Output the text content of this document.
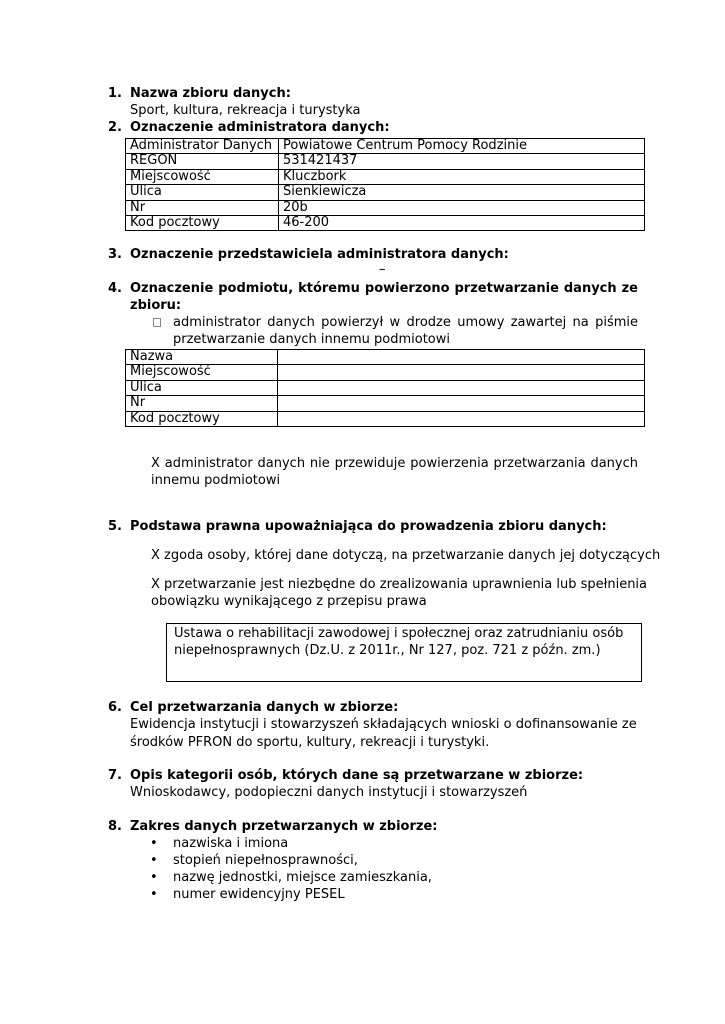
1. Nazwa zbioru danych:
Sport, kultura, rekreacja i turystyka
2. Oznaczenie administratora danych:
Administrator Danych	Powiatowe Centrum Pomocy Rodzinie
REGON	531421437
Miejscowość	Kluczbork
Ulica	Sienkiewicza
Nr	20b
Kod pocztowy	46-200
3. Oznaczenie przedstawiciela administratora danych:
–
4. Oznaczenie podmiotu, któremu powierzono przetwarzanie danych ze
zbioru:
administrator danych powierzył w drodze umowy zawartej na piśmie
przetwarzanie danych innemu podmiotowi
Nazwa	
Miejscowość	
Ulica	
Nr	
Kod pocztowy	
X administrator danych nie przewiduje powierzenia przetwarzania danych
innemu podmiotowi
5. Podstawa prawna upoważniająca do prowadzenia zbioru danych:
X zgoda osoby, której dane dotyczą, na przetwarzanie danych jej dotyczących
X przetwarzanie jest niezbędne do zrealizowania uprawnienia lub spełnienia
obowiązku wynikającego z przepisu prawa
Ustawa o rehabilitacji zawodowej i społecznej oraz zatrudnianiu osób
niepełnosprawnych (Dz.U. z 2011r., Nr 127, poz. 721 z późn. zm.)
6. Cel przetwarzania danych w zbiorze:
Ewidencja instytucji i stowarzyszeń składających wnioski o dofinansowanie ze
środków PFRON do sportu, kultury, rekreacji i turystyki.
7. Opis kategorii osób, których dane są przetwarzane w zbiorze:
Wnioskodawcy, podopieczni danych instytucji i stowarzyszeń
8. Zakres danych przetwarzanych w zbiorze:
• nazwiska i imiona
• stopień niepełnosprawności,
• nazwę jednostki, miejsce zamieszkania,
• numer ewidencyjny PESEL
